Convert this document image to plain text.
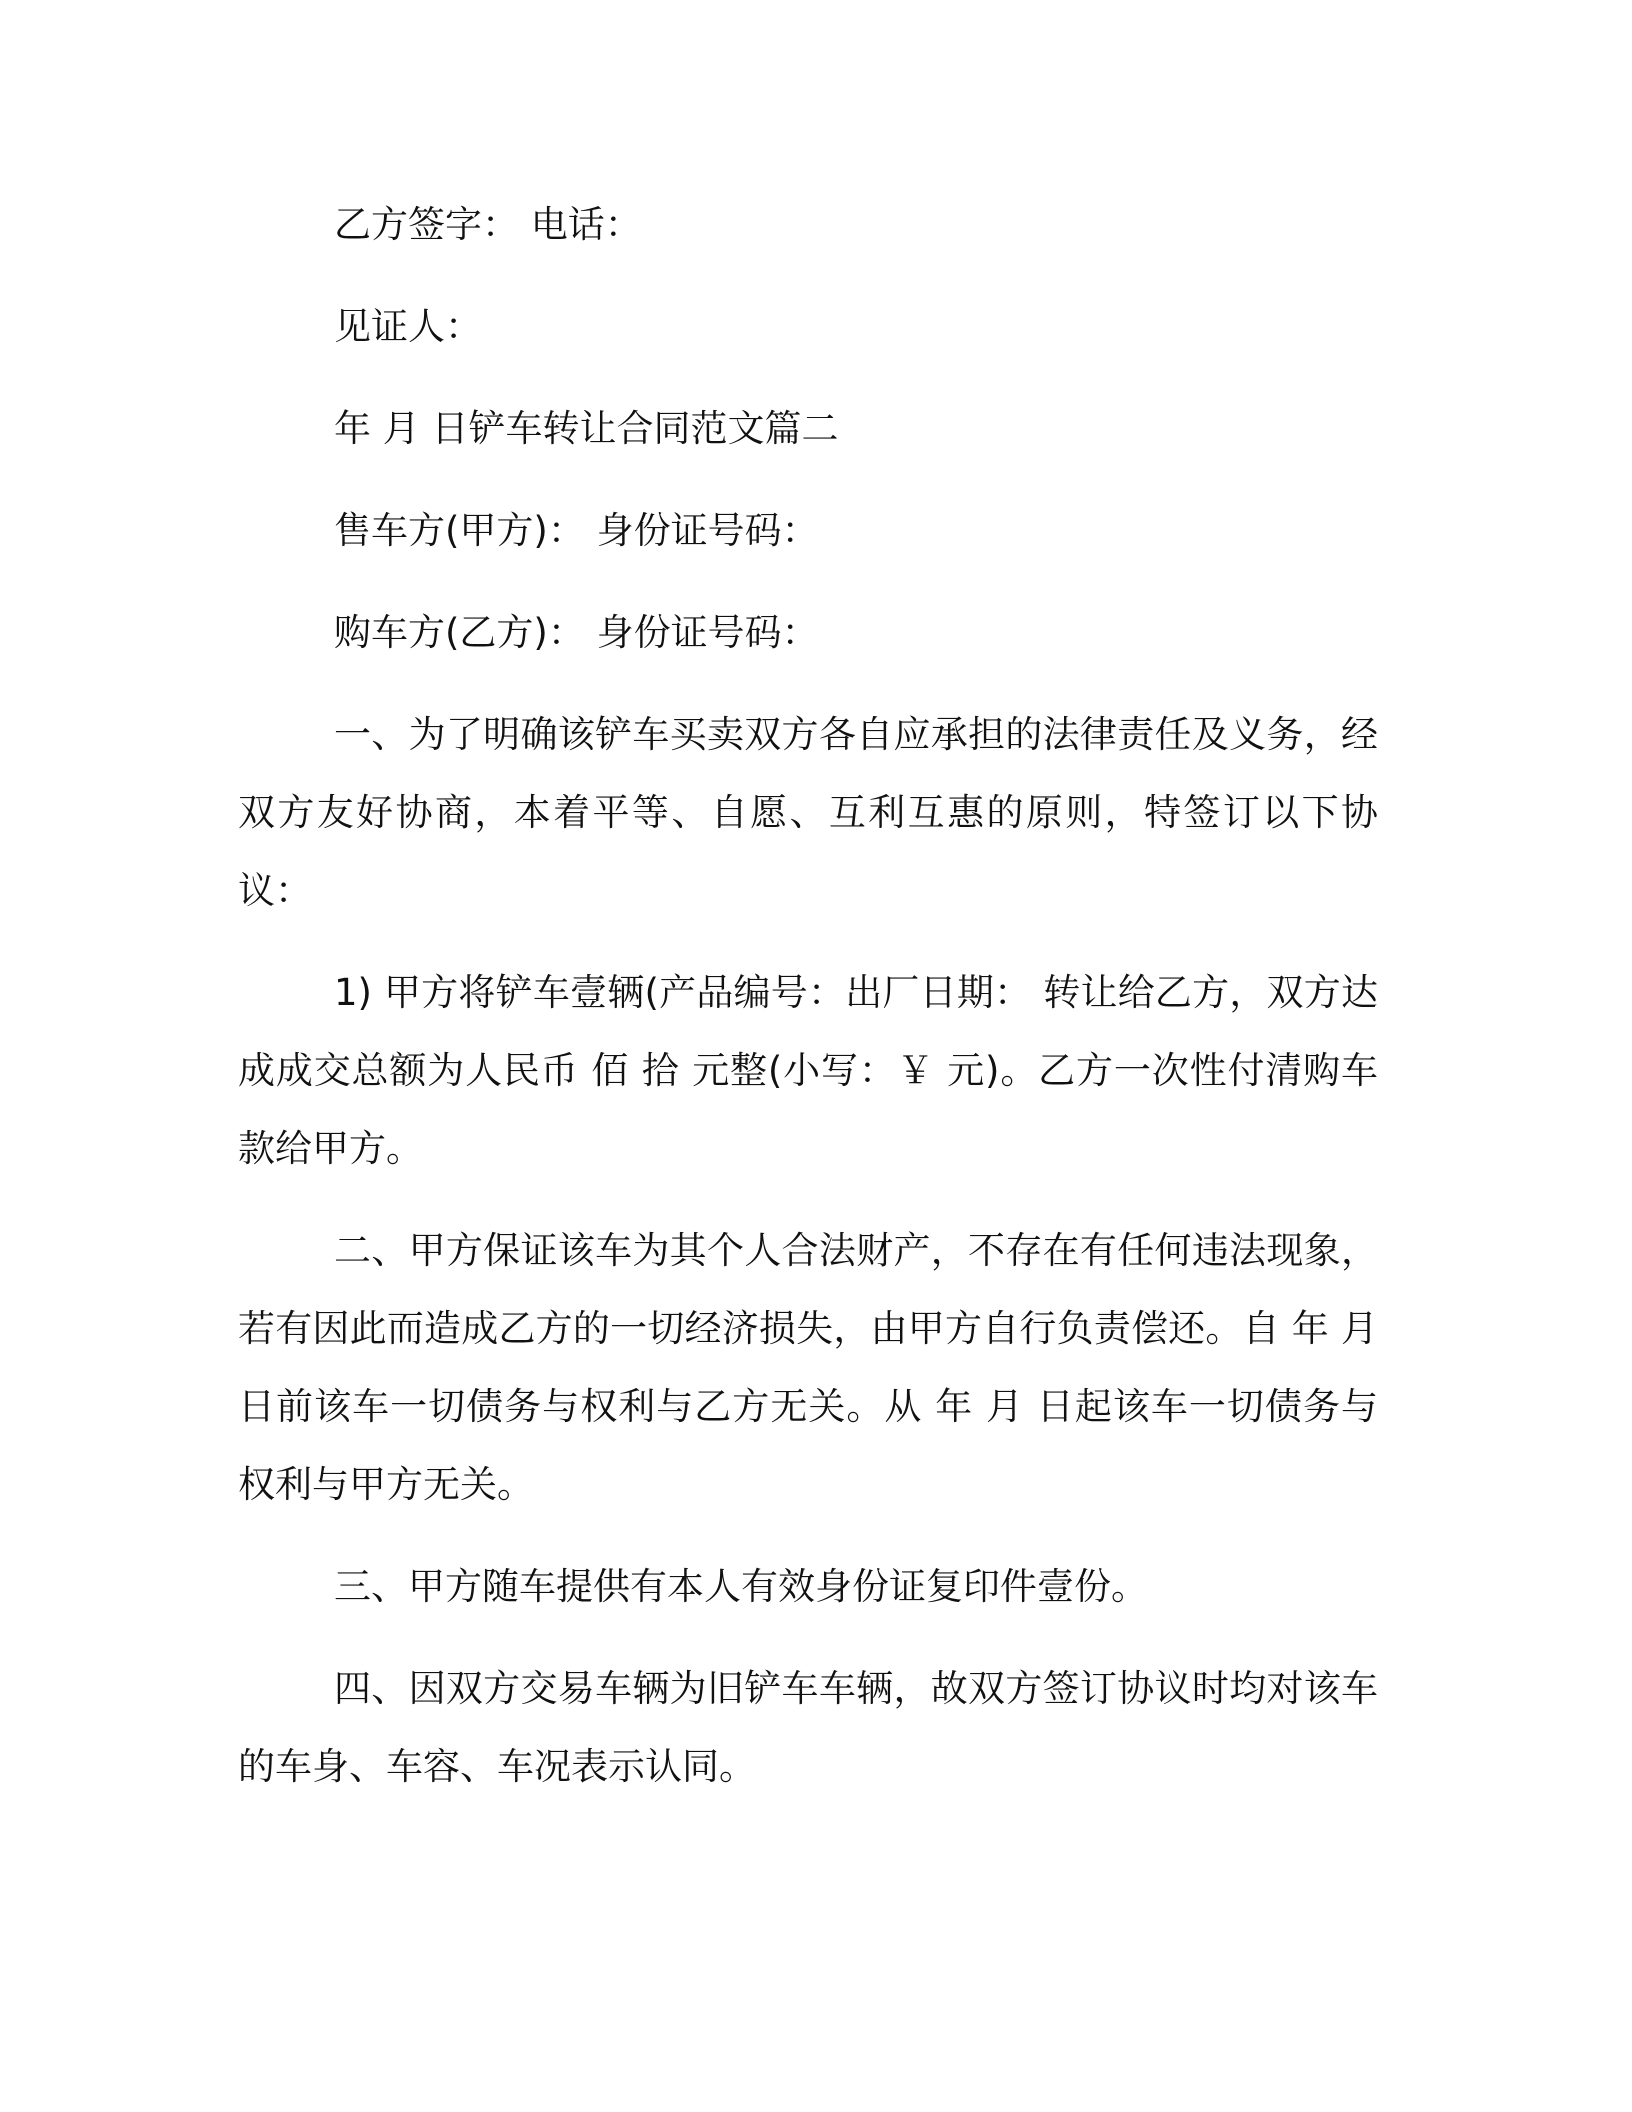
乙方签字： 电话：

见证人：

年 月 日铲车转让合同范文篇二

售车方(甲方)： 身份证号码：

购车方(乙方)： 身份证号码：

一、为了明确该铲车买卖双方各自应承担的法律责任及义务，经双方友好协商，本着平等、自愿、互利互惠的原则，特签订以下协议：

1) 甲方将铲车壹辆(产品编号：出厂日期： 转让给乙方，双方达成成交总额为人民币 佰 拾 元整(小写：￥ 元)。乙方一次性付清购车款给甲方。

二、甲方保证该车为其个人合法财产，不存在有任何违法现象，若有因此而造成乙方的一切经济损失，由甲方自行负责偿还。自 年 月 日前该车一切债务与权利与乙方无关。从 年 月 日起该车一切债务与权利与甲方无关。

三、甲方随车提供有本人有效身份证复印件壹份。

四、因双方交易车辆为旧铲车车辆，故双方签订协议时均对该车的车身、车容、车况表示认同。
